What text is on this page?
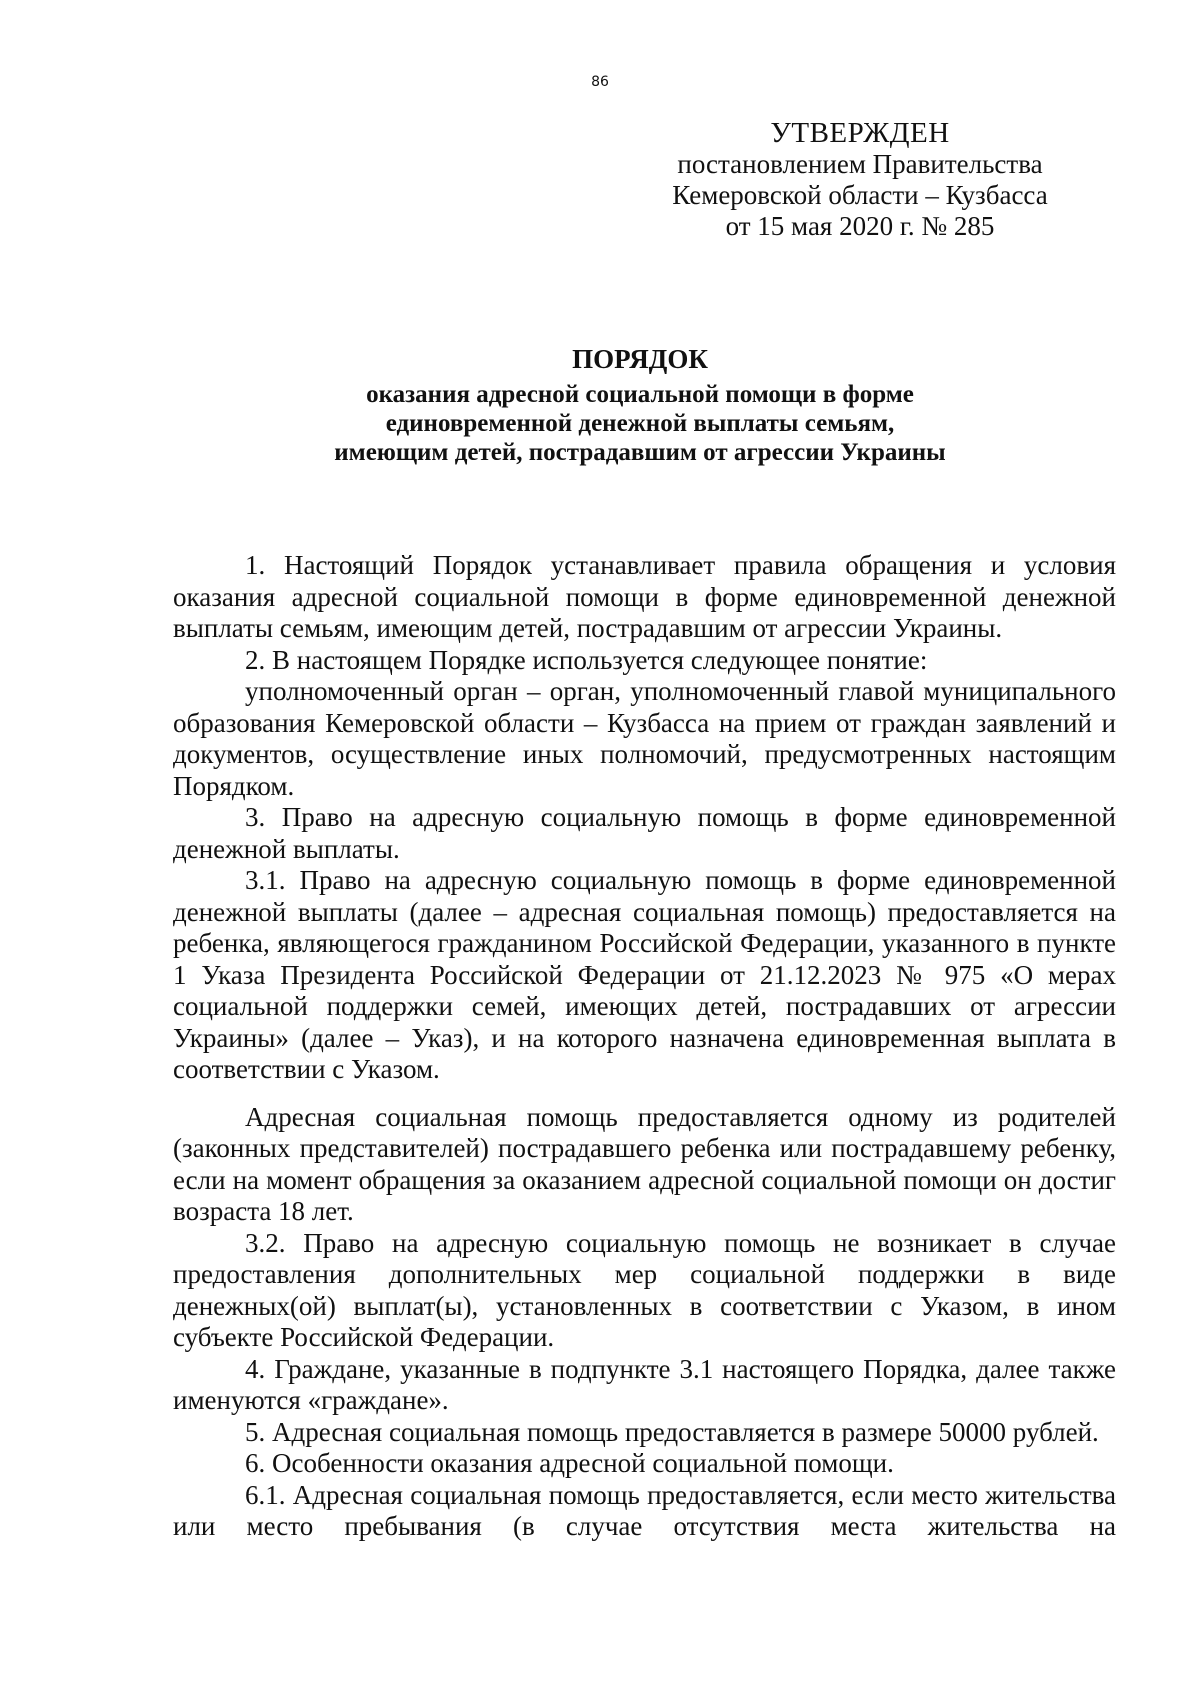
86
УТВЕРЖДЕН
постановлением Правительства
Кемеровской области – Кузбасса
от 15 мая 2020 г. № 285
ПОРЯДОК
оказания адресной социальной помощи в форме
единовременной денежной выплаты семьям,
имеющим детей, пострадавшим от агрессии Украины

1. Настоящий Порядок устанавливает правила обращения и условия оказания адресной социальной помощи в форме единовременной денежной выплаты семьям, имеющим детей, пострадавшим от агрессии Украины.

2. В настоящем Порядке используется следующее понятие:

уполномоченный орган – орган, уполномоченный главой муниципального образования Кемеровской области – Кузбасса на прием от граждан заявлений и документов, осуществление иных полномочий, предусмотренных настоящим Порядком.

3. Право на адресную социальную помощь в форме единовременной денежной выплаты.

3.1. Право на адресную социальную помощь в форме единовременной денежной выплаты (далее – адресная социальная помощь) предоставляется на ребенка, являющегося гражданином Российской Федерации, указанного в пункте 1 Указа Президента Российской Федерации от 21.12.2023 № 975 «О мерах социальной поддержки семей, имеющих детей, пострадавших от агрессии Украины» (далее – Указ), и на которого назначена единовременная выплата в соответствии с Указом.

Адресная социальная помощь предоставляется одному из родителей (законных представителей) пострадавшего ребенка или пострадавшему ребенку, если на момент обращения за оказанием адресной социальной помощи он достиг возраста 18 лет.

3.2. Право на адресную социальную помощь не возникает в случае предоставления дополнительных мер социальной поддержки в виде денежных(ой) выплат(ы), установленных в соответствии с Указом, в ином субъекте Российской Федерации.

4. Граждане, указанные в подпункте 3.1 настоящего Порядка, далее также именуются «граждане».

5. Адресная социальная помощь предоставляется в размере 50000 рублей.

6. Особенности оказания адресной социальной помощи.

6.1. Адресная социальная помощь предоставляется, если место жительства или место пребывания (в случае отсутствия места жительства на
